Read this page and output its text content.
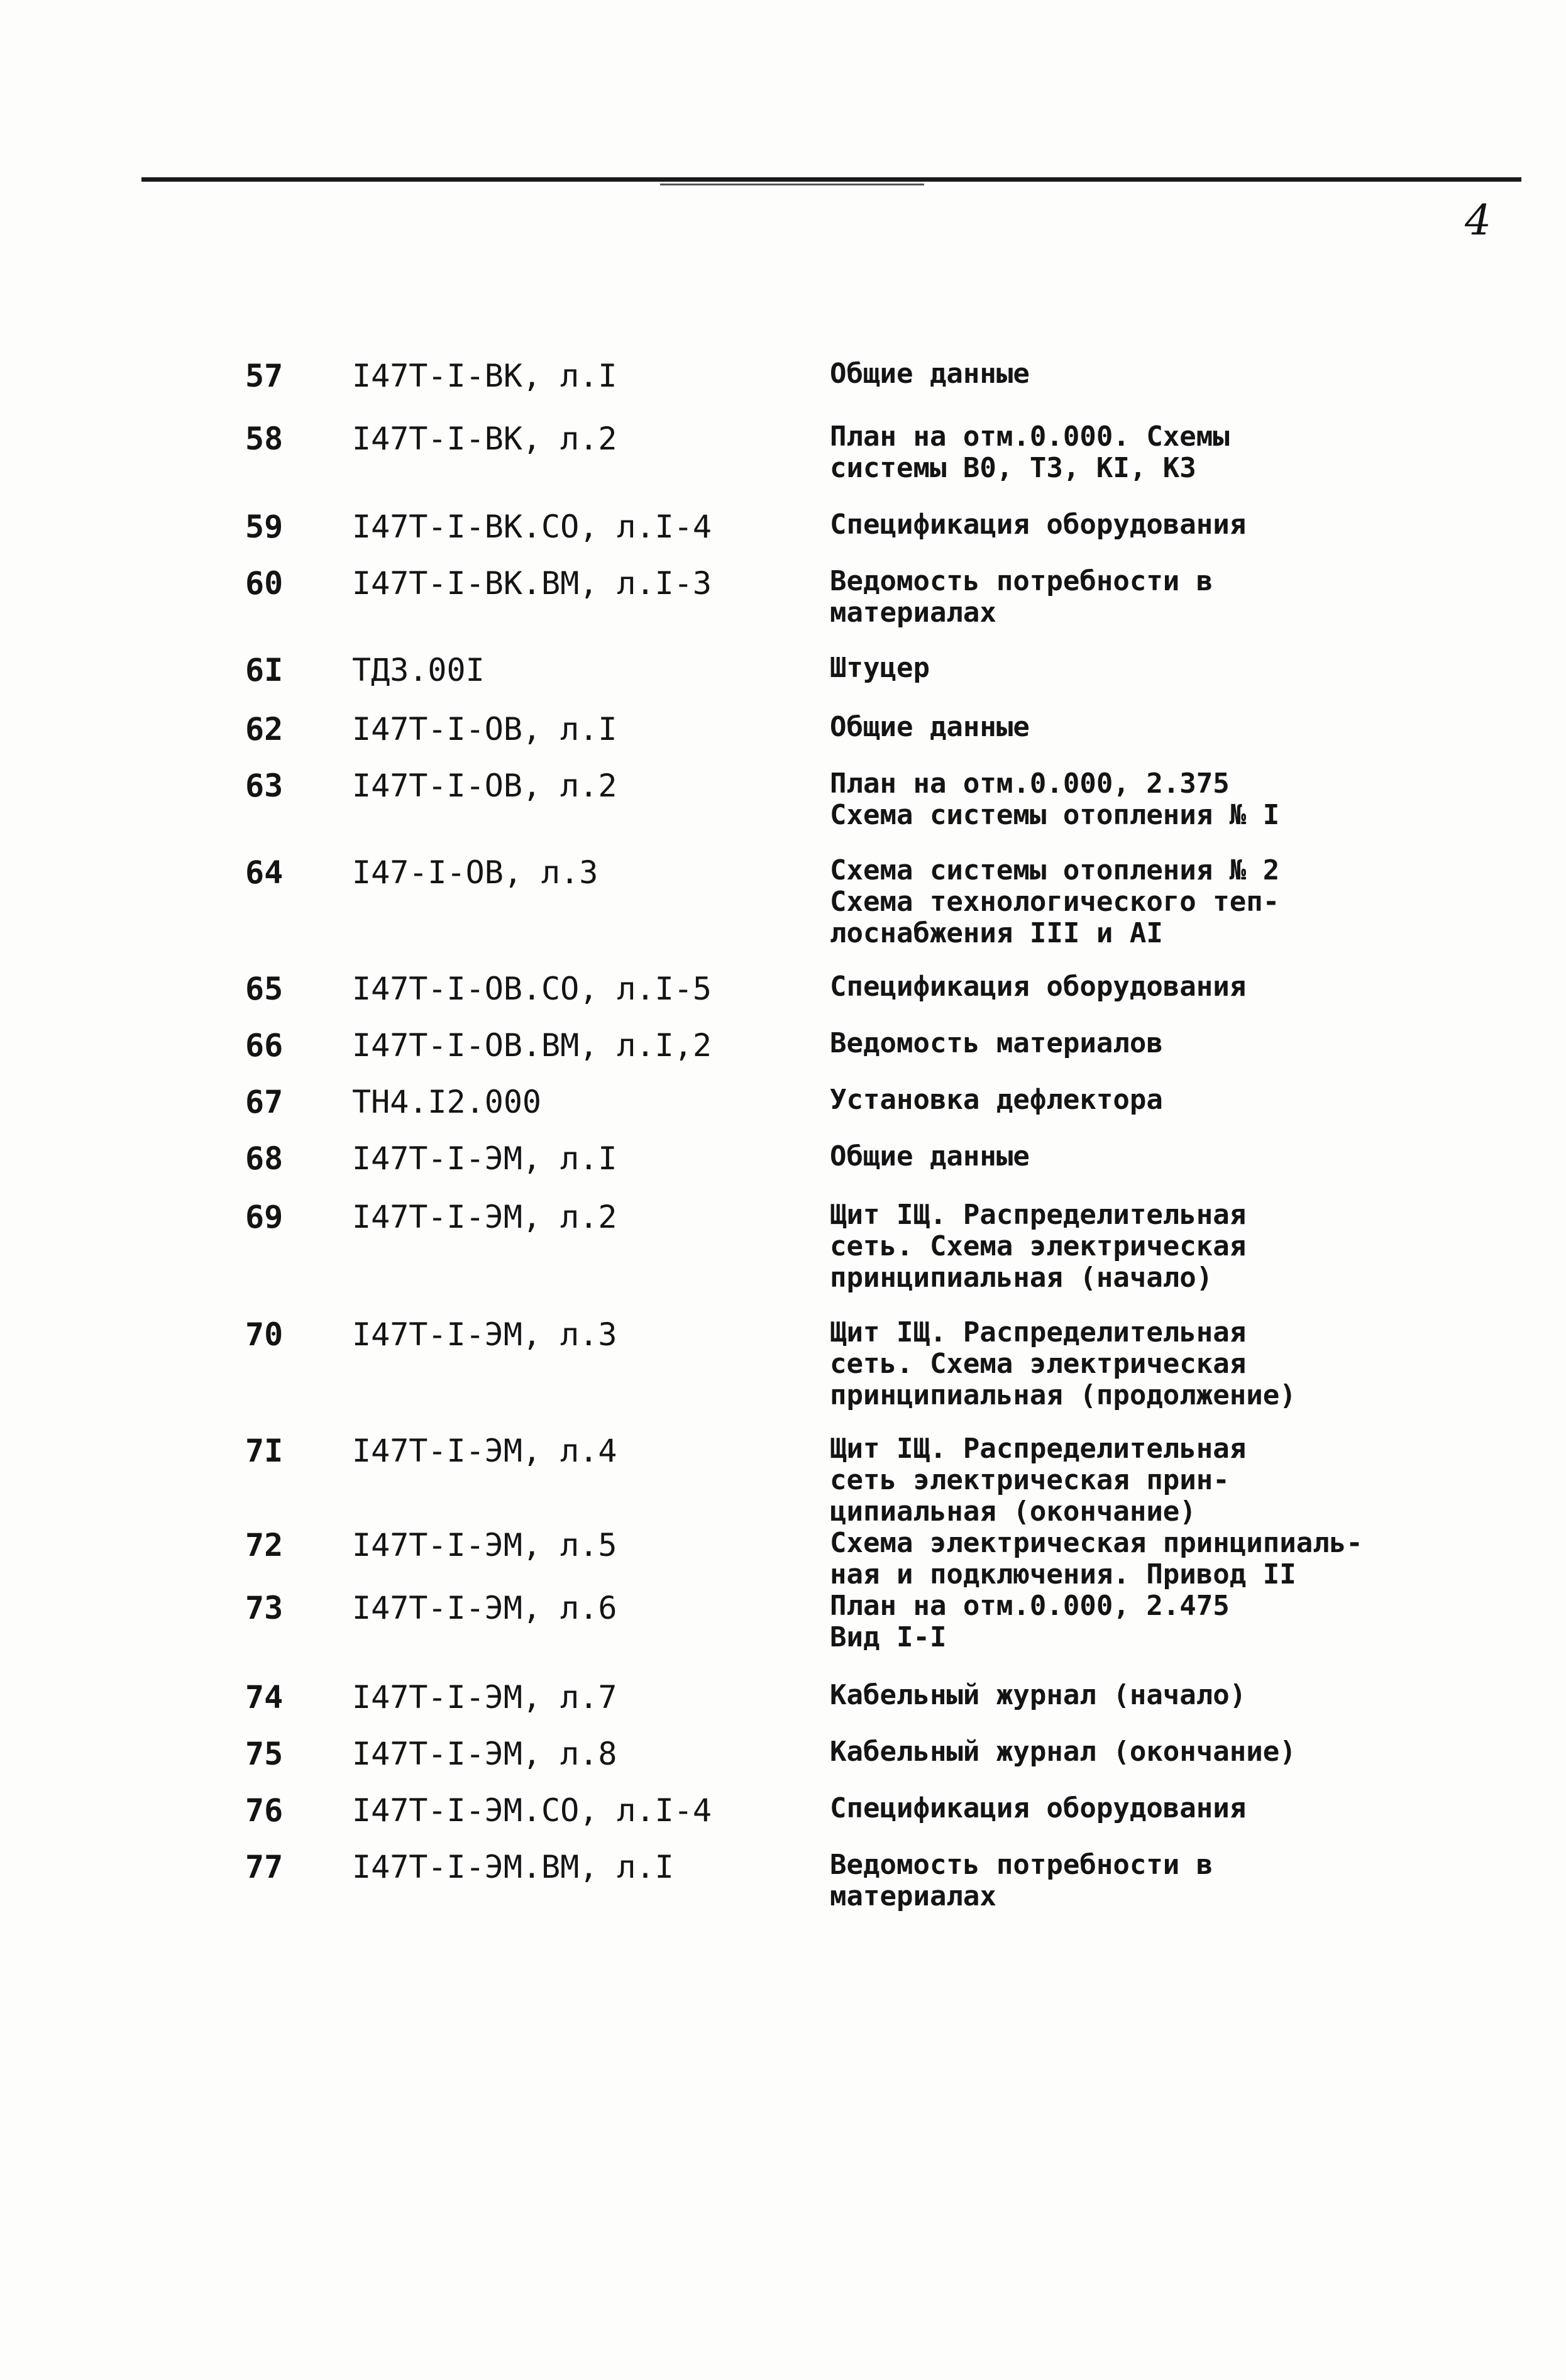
4
57	I47T-I-BK, л.I	Общие данные
58	I47T-I-BK, л.2	План на отм.0.000. Схемы
системы B0, T3, KI, K3
59	I47T-I-BK.CO, л.I-4	Спецификация оборудования
60	I47T-I-BK.BM, л.I-3	Ведомость потребности в
материалах
6I	ТД3.00I	Штуцер
62	I47T-I-OB, л.I	Общие данные
63	I47T-I-OB, л.2	План на отм.0.000, 2.375
Схема системы отопления № I
64	I47-I-OB, л.3	Схема системы отопления № 2
Схема технологического теп-
лоснабжения III и AI
65	I47T-I-OB.CO, л.I-5	Спецификация оборудования
66	I47T-I-OB.BM, л.I,2	Ведомость материалов
67	TH4.I2.000	Установка дефлектора
68	I47T-I-ЭM, л.I	Общие данные
69	I47T-I-ЭM, л.2	Щит IЩ. Распределительная
сеть. Схема электрическая
принципиальная (начало)
70	I47T-I-ЭM, л.3	Щит IЩ. Распределительная
сеть. Схема электрическая
принципиальная (продолжение)
7I	I47T-I-ЭM, л.4	Щит IЩ. Распределительная
сеть электрическая прин-
ципиальная (окончание)
72	I47T-I-ЭM, л.5	Схема электрическая принципиаль-
ная и подключения. Привод II
73	I47T-I-ЭM, л.6	План на отм.0.000, 2.475
Вид I-I
74	I47T-I-ЭM, л.7	Кабельный журнал (начало)
75	I47T-I-ЭM, л.8	Кабельный журнал (окончание)
76	I47T-I-ЭM.CO, л.I-4	Спецификация оборудования
77	I47T-I-ЭM.BM, л.I	Ведомость потребности в
материалах
